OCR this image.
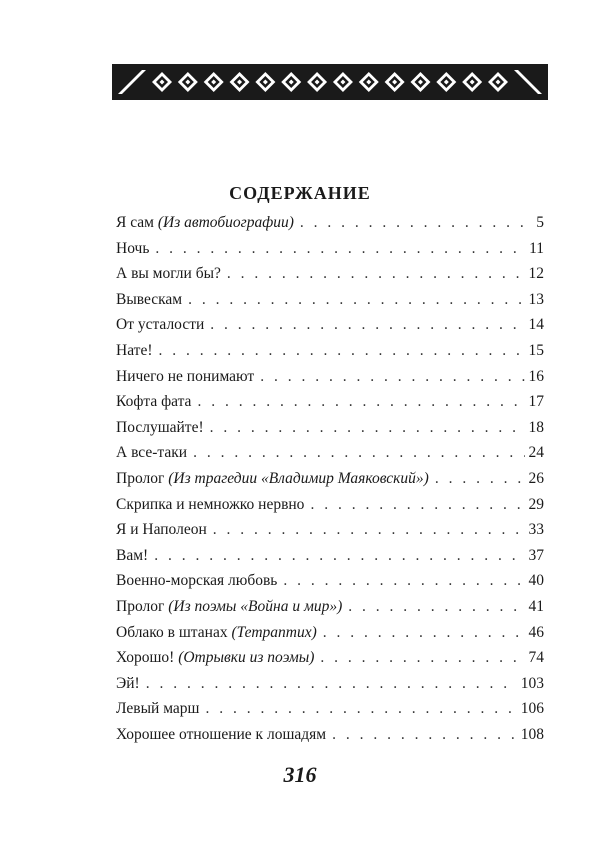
СОДЕРЖАНИЕ
Я сам (Из автобиографии) . . .	5
Ночь . . .	11
А вы могли бы? . . .	12
Вывескам . . .	13
От усталости . . .	14
Нате! . . .	15
Ничего не понимают . . .	16
Кофта фата . . .	17
Послушайте! . . .	18
А все-таки . . .	24
Пролог (Из трагедии «Владимир Маяковский») . . .	26
Скрипка и немножко нервно . . .	29
Я и Наполеон . . .	33
Вам! . . .	37
Военно-морская любовь . . .	40
Пролог (Из поэмы «Война и мир») . . .	41
Облако в штанах (Тетраптих) . . .	46
Хорошо! (Отрывки из поэмы) . . .	74
Эй! . . .	103
Левый марш . . .	106
Хорошее отношение к лошадям . . .	108
316
